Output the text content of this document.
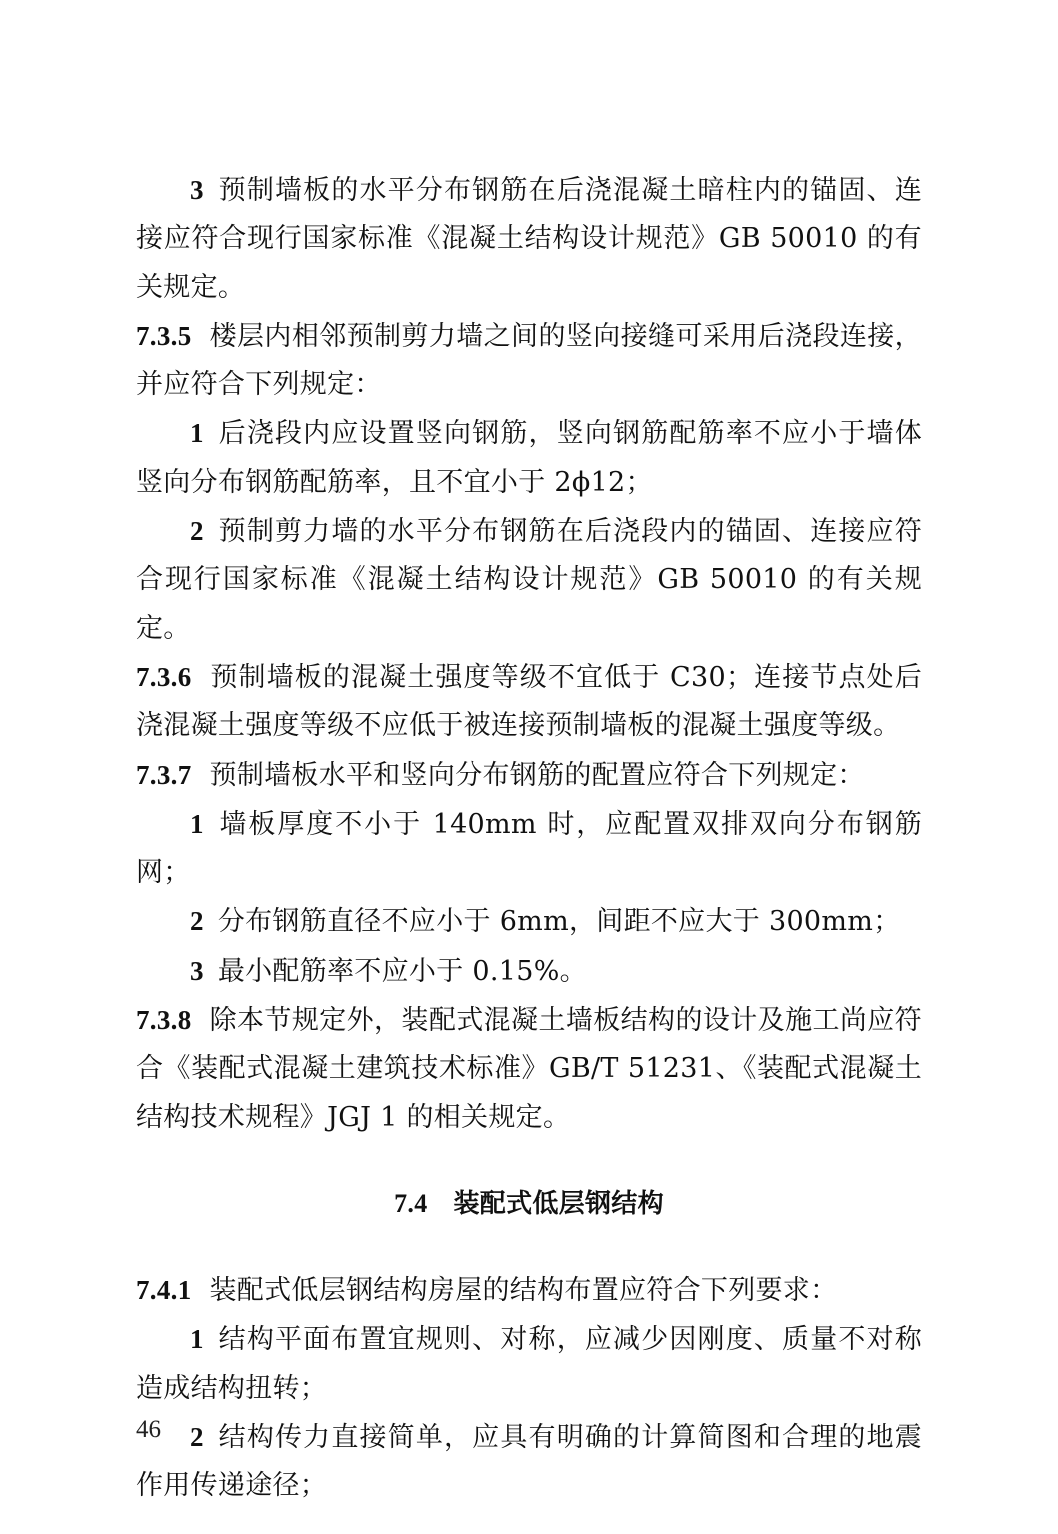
3 预制墙板的水平分布钢筋在后浇混凝土暗柱内的锚固、连接应符合现行国家标准《混凝土结构设计规范》GB 50010 的有关规定。

7.3.5 楼层内相邻预制剪力墙之间的竖向接缝可采用后浇段连接，并应符合下列规定：

1 后浇段内应设置竖向钢筋，竖向钢筋配筋率不应小于墙体竖向分布钢筋配筋率，且不宜小于 2ϕ12；

2 预制剪力墙的水平分布钢筋在后浇段内的锚固、连接应符合现行国家标准《混凝土结构设计规范》GB 50010 的有关规定。

7.3.6 预制墙板的混凝土强度等级不宜低于 C30；连接节点处后浇混凝土强度等级不应低于被连接预制墙板的混凝土强度等级。

7.3.7 预制墙板水平和竖向分布钢筋的配置应符合下列规定：

1 墙板厚度不小于 140mm 时，应配置双排双向分布钢筋网；

2 分布钢筋直径不应小于 6mm，间距不应大于 300mm；

3 最小配筋率不应小于 0.15%。

7.3.8 除本节规定外，装配式混凝土墙板结构的设计及施工尚应符合《装配式混凝土建筑技术标准》GB/T 51231、《装配式混凝土结构技术规程》JGJ 1 的相关规定。

7.4 装配式低层钢结构

7.4.1 装配式低层钢结构房屋的结构布置应符合下列要求：

1 结构平面布置宜规则、对称，应减少因刚度、质量不对称造成结构扭转；

2 结构传力直接简单，应具有明确的计算简图和合理的地震作用传递途径；

46
